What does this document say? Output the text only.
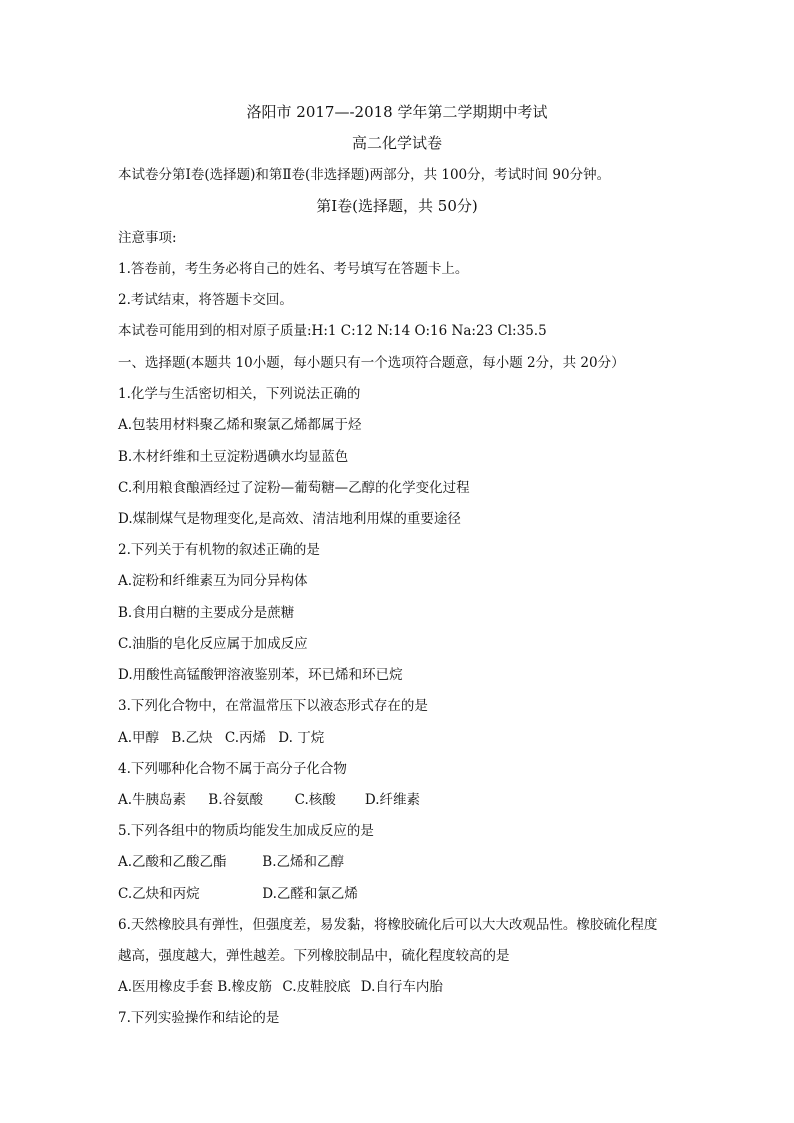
洛阳市 2017—-2018 学年第二学期期中考试
高二化学试卷
本试卷分第Ⅰ卷(选择题)和第Ⅱ卷(非选择题)两部分，共 100分，考试时间 90分钟。
第Ⅰ卷(选择题，共 50分)
注意事项:
1.答卷前，考生务必将自己的姓名、考号填写在答题卡上。
2.考试结束，将答题卡交回。
本试卷可能用到的相对原子质量:H:1 C:12 N:14 O:16 Na:23 Cl:35.5
一、选择题(本题共 10小题，每小题只有一个选项符合题意，每小题 2分，共 20分）
1.化学与生活密切相关，下列说法正确的
A.包装用材料聚乙烯和聚氯乙烯都属于烃
B.木材纤维和土豆淀粉遇碘水均显蓝色
C.利用粮食酿酒经过了淀粉—葡萄糖—乙醇的化学变化过程
D.煤制煤气是物理变化,是高效、清洁地利用煤的重要途径
2.下列关于有机物的叙述正确的是
A.淀粉和纤维素互为同分异构体
B.食用白糖的主要成分是蔗糖
C.油脂的皂化反应属于加成反应
D.用酸性高锰酸钾溶液鉴别苯，环已烯和环已烷
3.下列化合物中，在常温常压下以液态形式存在的是
A.甲醇 B.乙炔 C.丙烯 D. 丁烷
4.下列哪种化合物不属于高分子化合物
A.牛胰岛素 B.谷氨酸 C.核酸 D.纤维素
5.下列各组中的物质均能发生加成反应的是
A.乙酸和乙酸乙酯	B.乙烯和乙醇
C.乙炔和丙烷	D.乙醛和氯乙烯
6.天然橡胶具有弹性，但强度差，易发黏，将橡胶硫化后可以大大改观品性。橡胶硫化程度
越高，强度越大，弹性越差。下列橡胶制品中，硫化程度较高的是
A.医用橡皮手套 B.橡皮筋 C.皮鞋胶底 D.自行车内胎
7.下列实验操作和结论的是
